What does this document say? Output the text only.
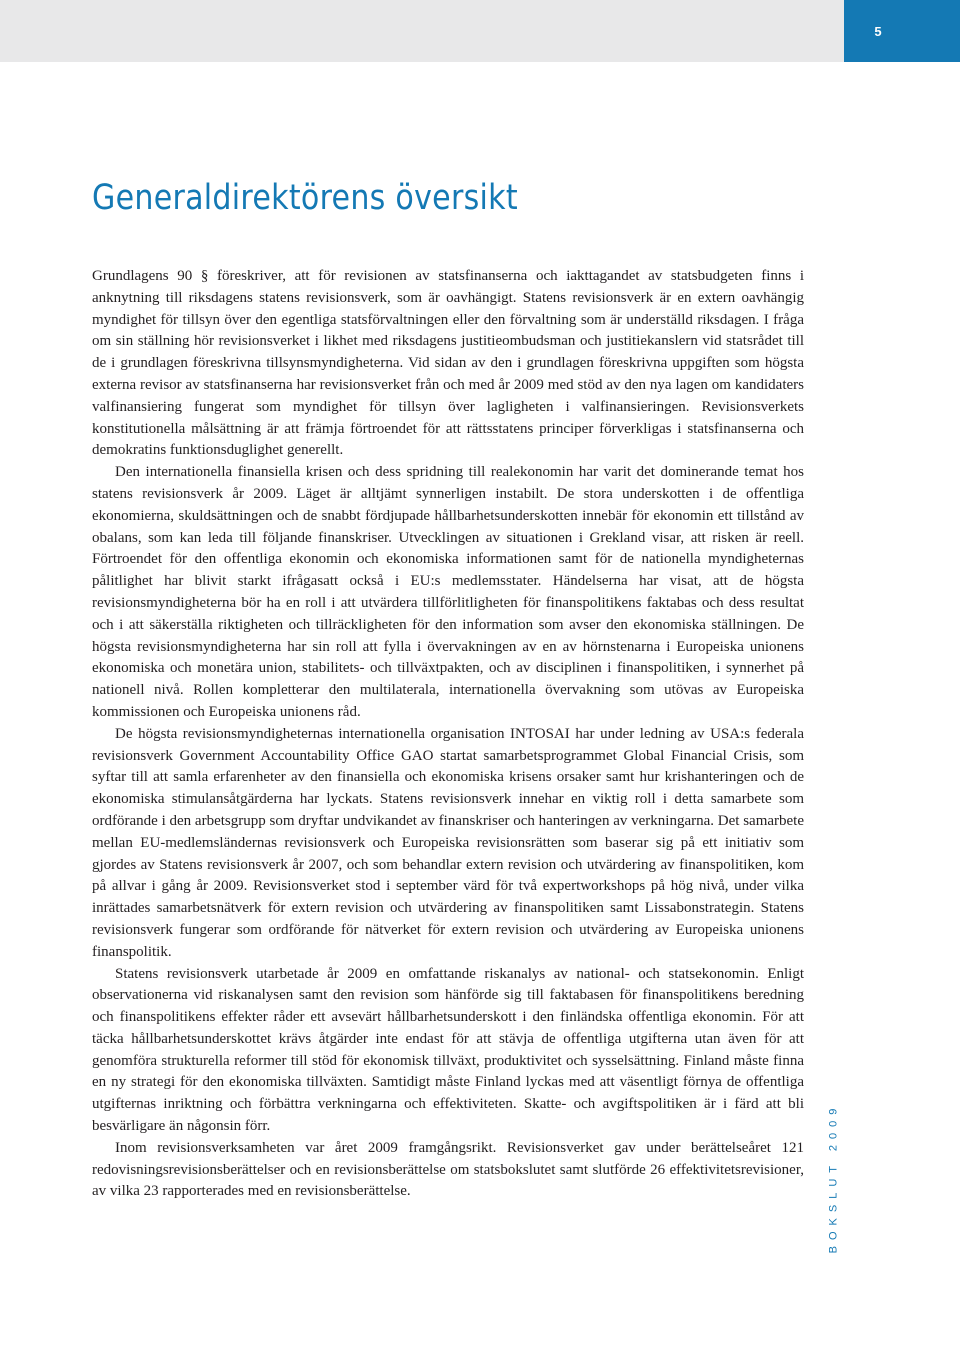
5
Generaldirektörens översikt

Grundlagens 90 § föreskriver, att för revisionen av statsfinanserna och iakttagandet av statsbudgeten finns i anknytning till riksdagens statens revisionsverk, som är oavhängigt. Statens revisionsverk är en extern oavhängig myndighet för tillsyn över den egentliga statsförvaltningen eller den förvaltning som är underställd riksdagen. I fråga om sin ställning hör revisionsverket i likhet med riksdagens justitieombudsman och justitiekanslern vid statsrådet till de i grundlagen föreskrivna tillsynsmyndigheterna. Vid sidan av den i grundlagen föreskrivna uppgiften som högsta externa revisor av statsfinanserna har revisionsverket från och med år 2009 med stöd av den nya lagen om kandidaters valfinansiering fungerat som myndighet för tillsyn över lagligheten i valfinansieringen. Revisionsverkets konstitutionella målsättning är att främja förtroendet för att rättsstatens principer förverkligas i statsfinanserna och demokratins funktionsduglighet generellt.

Den internationella finansiella krisen och dess spridning till realekonomin har varit det dominerande temat hos statens revisionsverk år 2009. Läget är alltjämt synnerligen instabilt. De stora underskotten i de offentliga ekonomierna, skuldsättningen och de snabbt fördjupade hållbarhetsunderskotten innebär för ekonomin ett tillstånd av obalans, som kan leda till följande finanskriser. Utvecklingen av situationen i Grekland visar, att risken är reell. Förtroendet för den offentliga ekonomin och ekonomiska informationen samt för de nationella myndigheternas pålitlighet har blivit starkt ifrågasatt också i EU:s medlemsstater. Händelserna har visat, att de högsta revisionsmyndigheterna bör ha en roll i att utvärdera tillförlitligheten för finanspolitikens faktabas och dess resultat och i att säkerställa riktigheten och tillräckligheten för den information som avser den ekonomiska ställningen. De högsta revisionsmyndigheterna har sin roll att fylla i övervakningen av en av hörnstenarna i Europeiska unionens ekonomiska och monetära union, stabilitets- och tillväxtpakten, och av disciplinen i finanspolitiken, i synnerhet på nationell nivå. Rollen kompletterar den multilaterala, internationella övervakning som utövas av Europeiska kommissionen och Europeiska unionens råd.

De högsta revisionsmyndigheternas internationella organisation INTOSAI har under ledning av USA:s federala revisionsverk Government Accountability Office GAO startat samarbetsprogrammet Global Financial Crisis, som syftar till att samla erfarenheter av den finansiella och ekonomiska krisens orsaker samt hur krishanteringen och de ekonomiska stimulansåtgärderna har lyckats. Statens revisionsverk innehar en viktig roll i detta samarbete som ordförande i den arbetsgrupp som dryftar undvikandet av finanskriser och hanteringen av verkningarna. Det samarbete mellan EU-medlemsländernas revisionsverk och Europeiska revisionsrätten som baserar sig på ett initiativ som gjordes av Statens revisionsverk år 2007, och som behandlar extern revision och utvärdering av finanspolitiken, kom på allvar i gång år 2009. Revisionsverket stod i september värd för två expertworkshops på hög nivå, under vilka inrättades samarbetsnätverk för extern revision och utvärdering av finanspolitiken samt Lissabonstrategin. Statens revisionsverk fungerar som ordförande för nätverket för extern revision och utvärdering av Europeiska unionens finanspolitik.

Statens revisionsverk utarbetade år 2009 en omfattande riskanalys av national- och statsekonomin. Enligt observationerna vid riskanalysen samt den revision som hänförde sig till faktabasen för finanspolitikens beredning och finanspolitikens effekter råder ett avsevärt hållbarhetsunderskott i den finländska offentliga ekonomin. För att täcka hållbarhetsunderskottet krävs åtgärder inte endast för att stävja de offentliga utgifterna utan även för att genomföra strukturella reformer till stöd för ekonomisk tillväxt, produktivitet och sysselsättning. Finland måste finna en ny strategi för den ekonomiska tillväxten. Samtidigt måste Finland lyckas med att väsentligt förnya de offentliga utgifternas inriktning och förbättra verkningarna och effektiviteten. Skatte- och avgiftspolitiken är i färd att bli besvärligare än någonsin förr.

Inom revisionsverksamheten var året 2009 framgångsrikt. Revisionsverket gav under berättelseåret 121 redovisningsrevisionsberättelser och en revisionsberättelse om statsbokslutet samt slutförde 26 effektivitetsrevisioner, av vilka 23 rapporterades med en revisionsberättelse.	BOKSLUT 2009
